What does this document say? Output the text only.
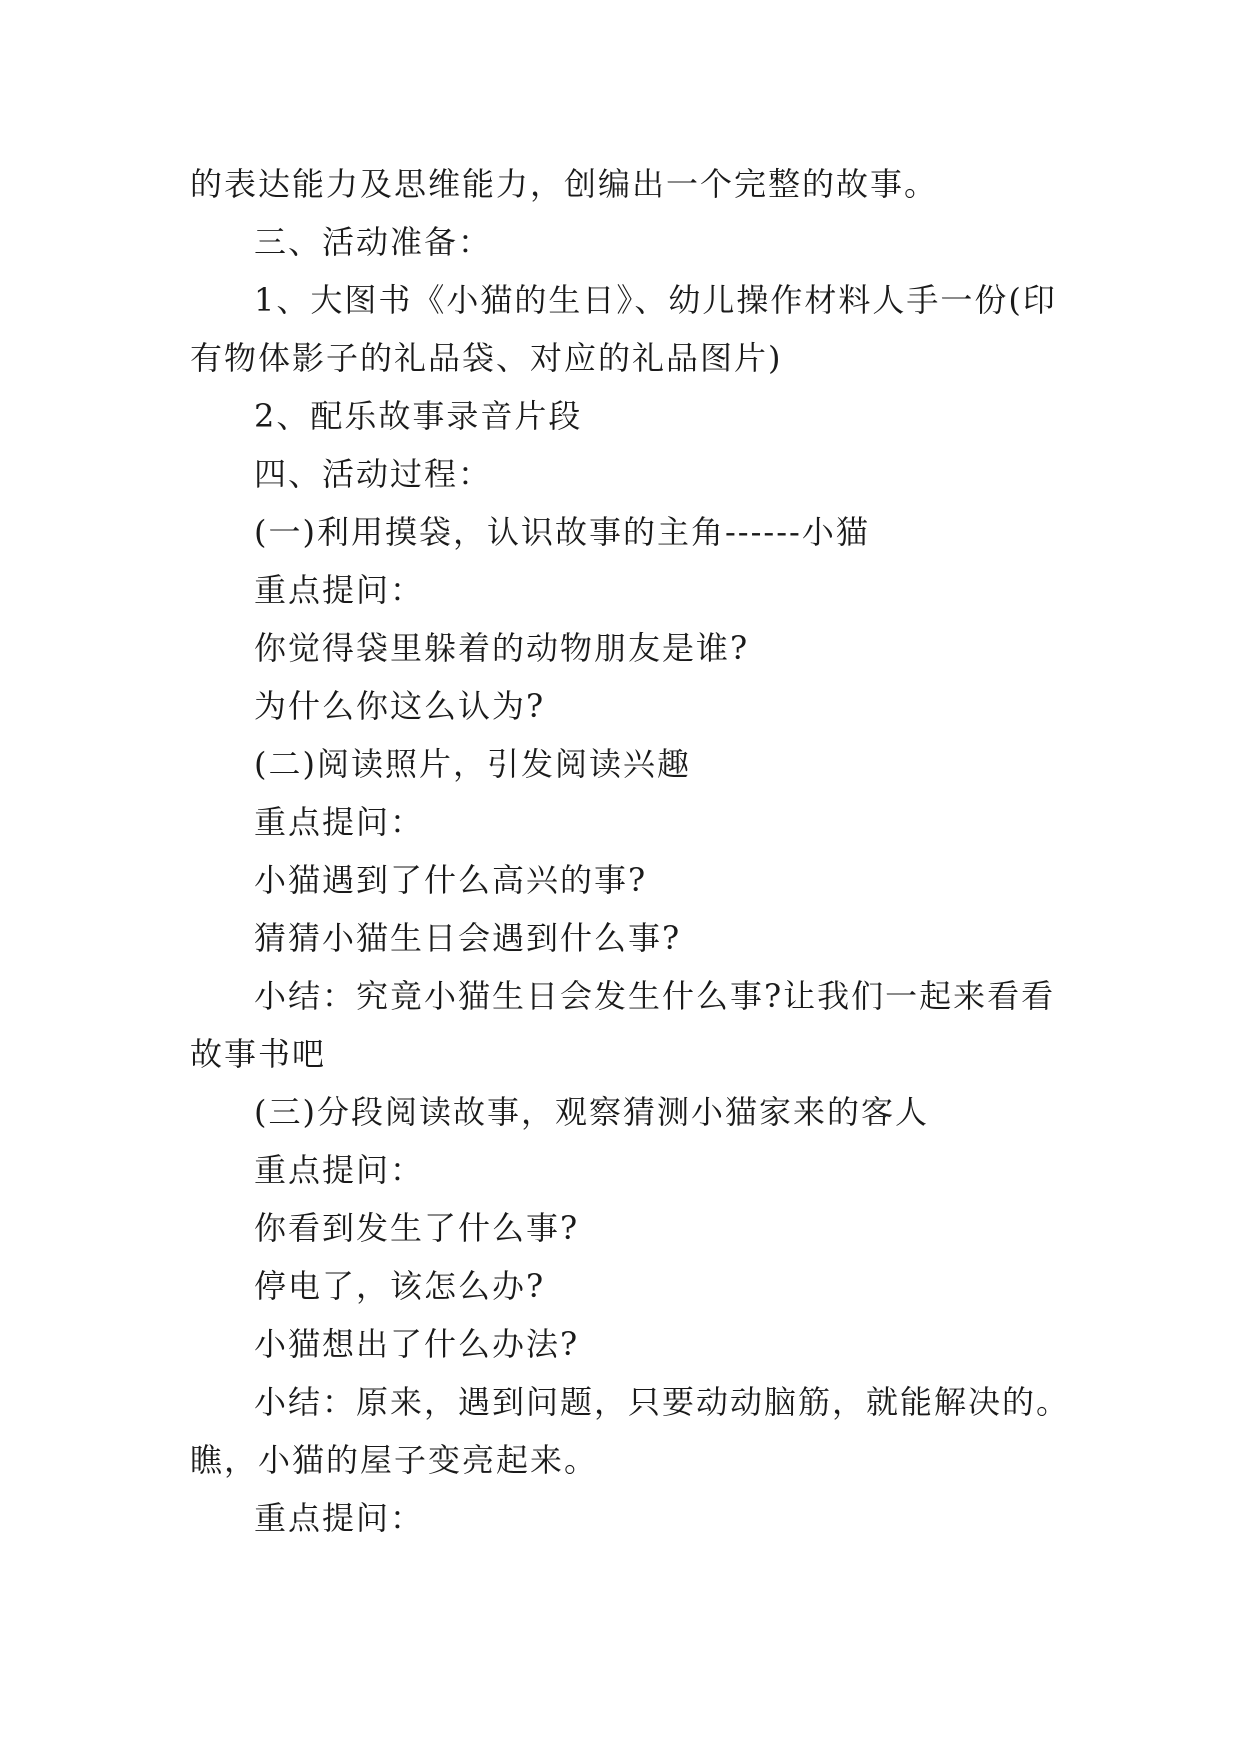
的表达能力及思维能力，创编出一个完整的故事。
三、活动准备：
1、大图书《小猫的生日》、幼儿操作材料人手一份(印
有物体影子的礼品袋、对应的礼品图片)
2、配乐故事录音片段
四、活动过程：
(一)利用摸袋，认识故事的主角------小猫
重点提问：
你觉得袋里躲着的动物朋友是谁?
为什么你这么认为?
(二)阅读照片，引发阅读兴趣
重点提问：
小猫遇到了什么高兴的事?
猜猜小猫生日会遇到什么事?
小结：究竟小猫生日会发生什么事?让我们一起来看看
故事书吧
(三)分段阅读故事，观察猜测小猫家来的客人
重点提问：
你看到发生了什么事?
停电了，该怎么办?
小猫想出了什么办法?
小结：原来，遇到问题，只要动动脑筋，就能解决的。
瞧，小猫的屋子变亮起来。
重点提问：
